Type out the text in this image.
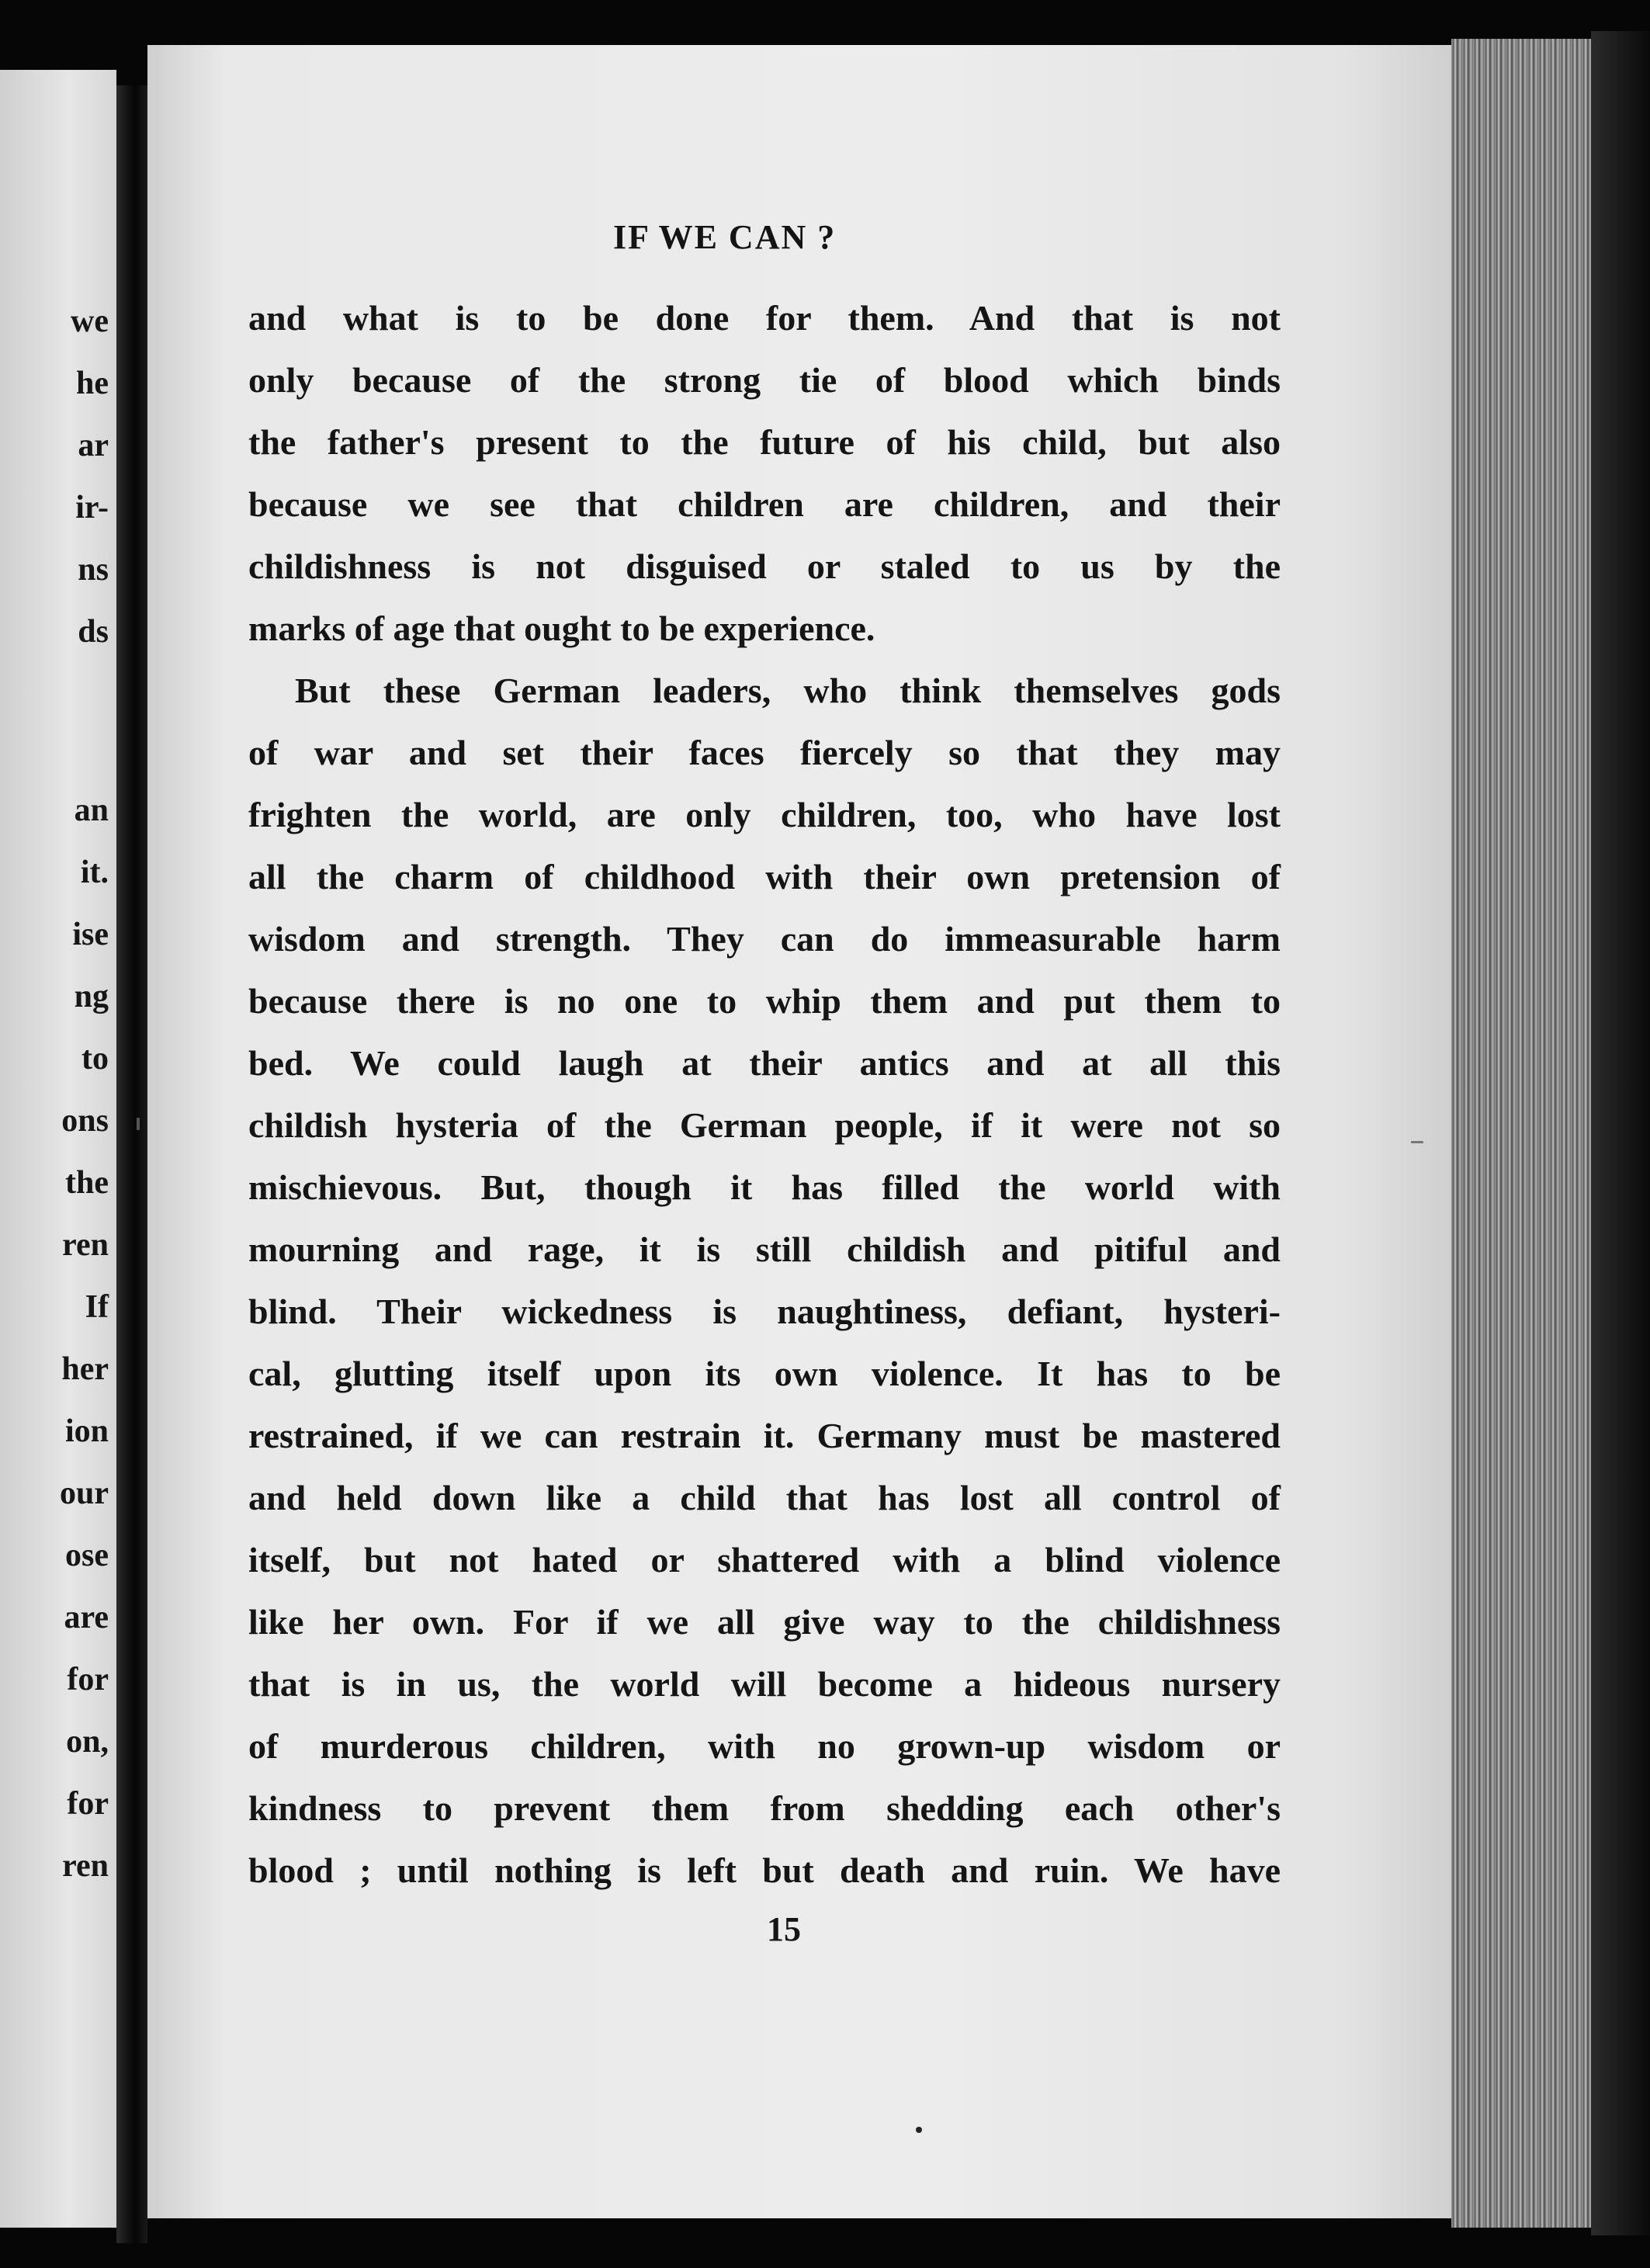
we
he
ar
ir-
ns
ds
an
it.
ise
ng
to
ons
the
ren
If
her
ion
our
ose
are
for
on,
for
ren
IF WE CAN ?
and what is to be done for them. And that is not
only because of the strong tie of blood which binds
the father's present to the future of his child, but also
because we see that children are children, and their
childishness is not disguised or staled to us by the
marks of age that ought to be experience.
But these German leaders, who think themselves gods
of war and set their faces fiercely so that they may
frighten the world, are only children, too, who have lost
all the charm of childhood with their own pretension of
wisdom and strength. They can do immeasurable harm
because there is no one to whip them and put them to
bed. We could laugh at their antics and at all this
childish hysteria of the German people, if it were not so
mischievous. But, though it has filled the world with
mourning and rage, it is still childish and pitiful and
blind. Their wickedness is naughtiness, defiant, hysteri-
cal, glutting itself upon its own violence. It has to be
restrained, if we can restrain it. Germany must be mastered
and held down like a child that has lost all control of
itself, but not hated or shattered with a blind violence
like her own. For if we all give way to the childishness
that is in us, the world will become a hideous nursery
of murderous children, with no grown-up wisdom or
kindness to prevent them from shedding each other's
blood ; until nothing is left but death and ruin. We have
15
